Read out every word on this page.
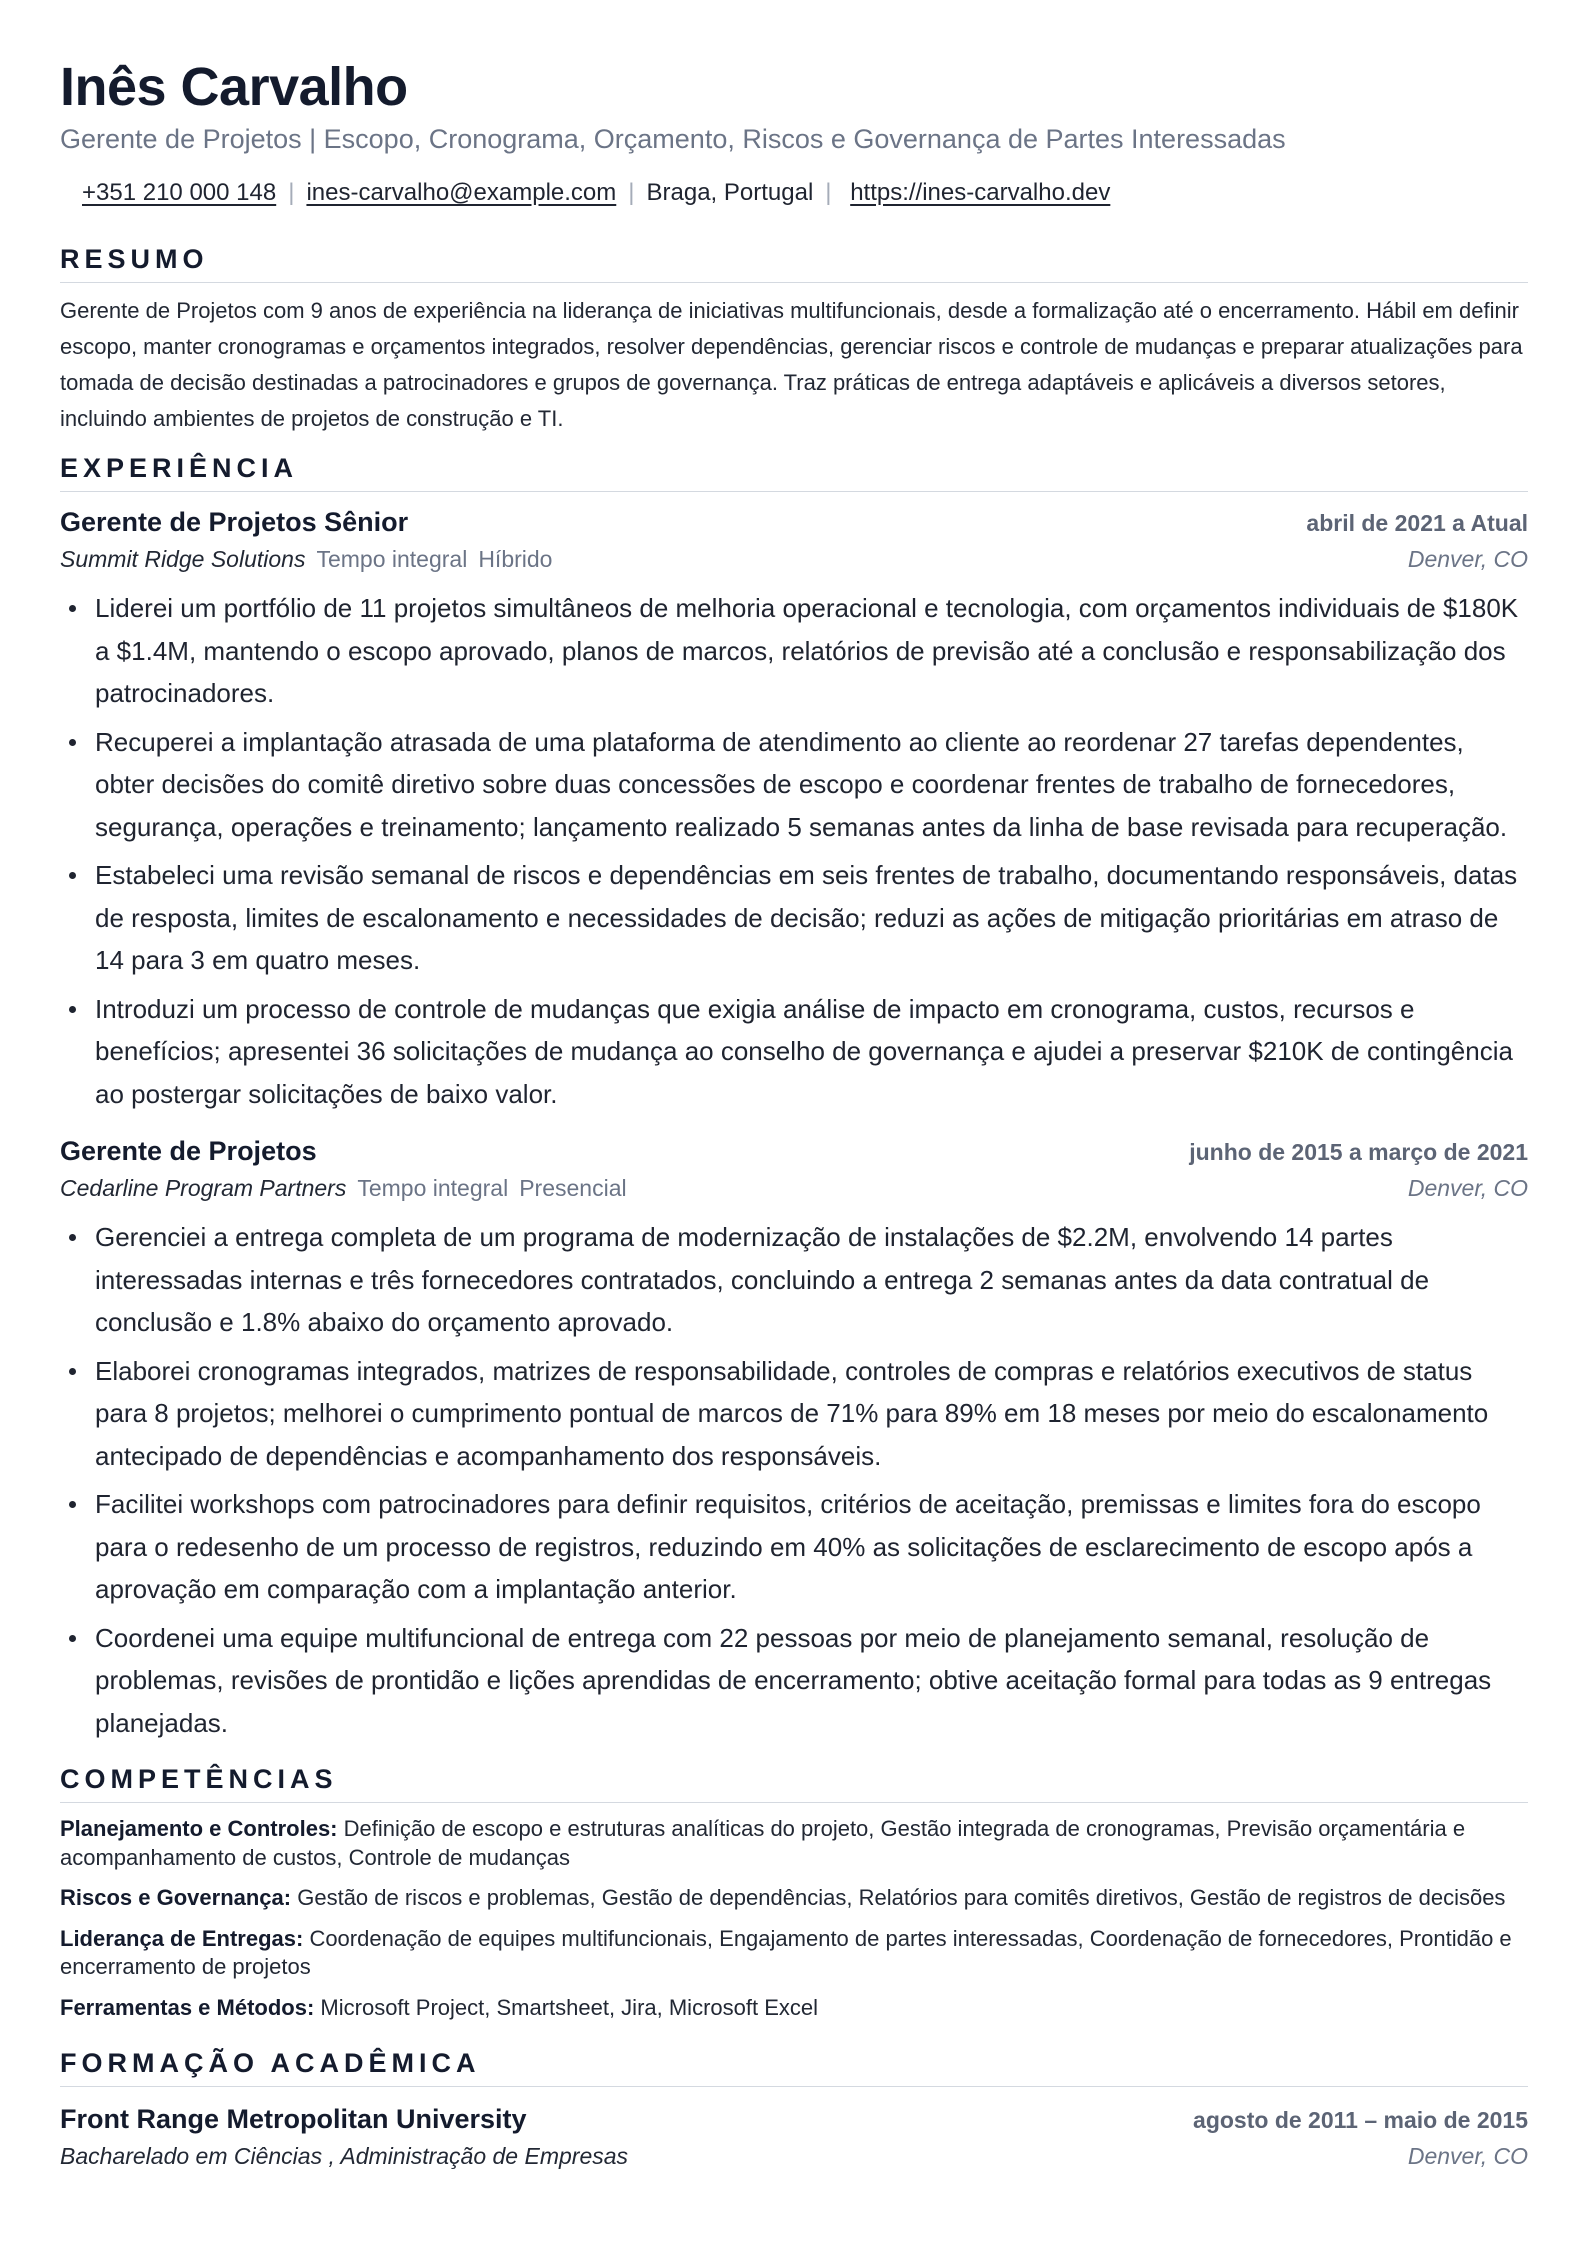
Inês Carvalho
Gerente de Projetos | Escopo, Cronograma, Orçamento, Riscos e Governança de Partes Interessadas
+351 210 000 148 | ines-carvalho@example.com | Braga, Portugal | https://ines-carvalho.dev
RESUMO
Gerente de Projetos com 9 anos de experiência na liderança de iniciativas multifuncionais, desde a formalização até o encerramento. Hábil em definir escopo, manter cronogramas e orçamentos integrados, resolver dependências, gerenciar riscos e controle de mudanças e preparar atualizações para tomada de decisão destinadas a patrocinadores e grupos de governança. Traz práticas de entrega adaptáveis e aplicáveis a diversos setores, incluindo ambientes de projetos de construção e TI.
EXPERIÊNCIA
Gerente de Projetos Sênior	abril de 2021 a Atual
Summit Ridge Solutions Tempo integral Híbrido	Denver, CO
Liderei um portfólio de 11 projetos simultâneos de melhoria operacional e tecnologia, com orçamentos individuais de $180K a $1.4M, mantendo o escopo aprovado, planos de marcos, relatórios de previsão até a conclusão e responsabilização dos patrocinadores.
Recuperei a implantação atrasada de uma plataforma de atendimento ao cliente ao reordenar 27 tarefas dependentes, obter decisões do comitê diretivo sobre duas concessões de escopo e coordenar frentes de trabalho de fornecedores, segurança, operações e treinamento; lançamento realizado 5 semanas antes da linha de base revisada para recuperação.
Estabeleci uma revisão semanal de riscos e dependências em seis frentes de trabalho, documentando responsáveis, datas de resposta, limites de escalonamento e necessidades de decisão; reduzi as ações de mitigação prioritárias em atraso de 14 para 3 em quatro meses.
Introduzi um processo de controle de mudanças que exigia análise de impacto em cronograma, custos, recursos e benefícios; apresentei 36 solicitações de mudança ao conselho de governança e ajudei a preservar $210K de contingência ao postergar solicitações de baixo valor.
Gerente de Projetos	junho de 2015 a março de 2021
Cedarline Program Partners Tempo integral Presencial	Denver, CO
Gerenciei a entrega completa de um programa de modernização de instalações de $2.2M, envolvendo 14 partes interessadas internas e três fornecedores contratados, concluindo a entrega 2 semanas antes da data contratual de conclusão e 1.8% abaixo do orçamento aprovado.
Elaborei cronogramas integrados, matrizes de responsabilidade, controles de compras e relatórios executivos de status para 8 projetos; melhorei o cumprimento pontual de marcos de 71% para 89% em 18 meses por meio do escalonamento antecipado de dependências e acompanhamento dos responsáveis.
Facilitei workshops com patrocinadores para definir requisitos, critérios de aceitação, premissas e limites fora do escopo para o redesenho de um processo de registros, reduzindo em 40% as solicitações de esclarecimento de escopo após a aprovação em comparação com a implantação anterior.
Coordenei uma equipe multifuncional de entrega com 22 pessoas por meio de planejamento semanal, resolução de problemas, revisões de prontidão e lições aprendidas de encerramento; obtive aceitação formal para todas as 9 entregas planejadas.
COMPETÊNCIAS
Planejamento e Controles: Definição de escopo e estruturas analíticas do projeto, Gestão integrada de cronogramas, Previsão orçamentária e acompanhamento de custos, Controle de mudanças
Riscos e Governança: Gestão de riscos e problemas, Gestão de dependências, Relatórios para comitês diretivos, Gestão de registros de decisões
Liderança de Entregas: Coordenação de equipes multifuncionais, Engajamento de partes interessadas, Coordenação de fornecedores, Prontidão e encerramento de projetos
Ferramentas e Métodos: Microsoft Project, Smartsheet, Jira, Microsoft Excel
FORMAÇÃO ACADÊMICA
Front Range Metropolitan University	agosto de 2011 – maio de 2015
Bacharelado em Ciências , Administração de Empresas	Denver, CO
